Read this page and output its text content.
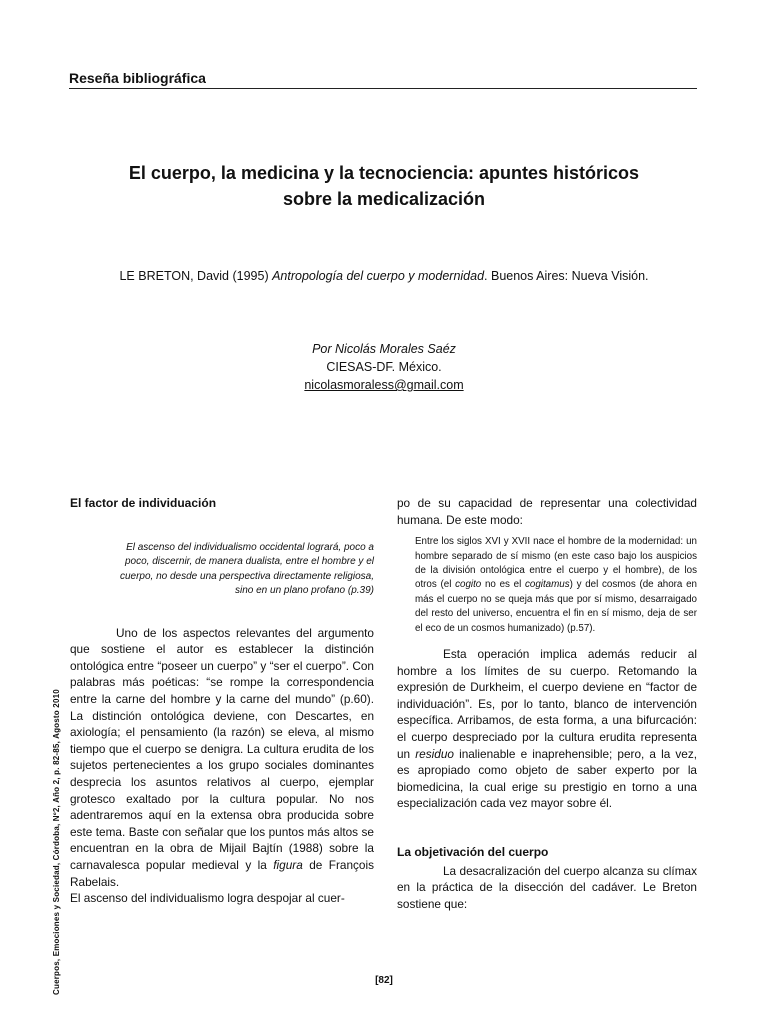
Reseña bibliográfica
El cuerpo, la medicina y la tecnociencia: apuntes históricos
sobre la medicalización
LE BRETON, David (1995) Antropología del cuerpo y modernidad. Buenos Aires: Nueva Visión.
Por Nicolás Morales Saéz
CIESAS-DF. México.
nicolasmoraless@gmail.com
Cuerpos, Emociones y Sociedad, Córdoba, Nº2, Año 2, p. 82-85, Agosto 2010

El factor de individuación

El ascenso del individualismo occidental logrará, poco a poco, discernir, de manera dualista, entre el hombre y el cuerpo, no desde una perspectiva directamente religiosa, sino en un plano profano (p.39)

Uno de los aspectos relevantes del argumento que sostiene el autor es establecer la distinción ontológica entre “poseer un cuerpo” y “ser el cuerpo”. Con palabras más poéticas: “se rompe la correspondencia entre la carne del hombre y la carne del mundo” (p.60). La distinción ontológica deviene, con Descartes, en axiología; el pensamiento (la razón) se eleva, al mismo tiempo que el cuerpo se denigra. La cultura erudita de los sujetos pertenecientes a los grupo sociales dominantes desprecia los asuntos relativos al cuerpo, ejemplar grotesco exaltado por la cultura popular. No nos adentraremos aquí en la extensa obra producida sobre este tema. Baste con señalar que los puntos más altos se encuentran en la obra de Mijail Bajtín (1988) sobre la carnavalesca popular medieval y la figura de François Rabelais.

El ascenso del individualismo logra despojar al cuer-

po de su capacidad de representar una colectividad humana. De este modo:

Entre los siglos XVI y XVII nace el hombre de la modernidad: un hombre separado de sí mismo (en este caso bajo los auspicios de la división ontológica entre el cuerpo y el hombre), de los otros (el cogito no es el cogitamus) y del cosmos (de ahora en más el cuerpo no se queja más que por sí mismo, desarraigado del resto del universo, encuentra el fin en sí mismo, deja de ser el eco de un cosmos humanizado) (p.57).

Esta operación implica además reducir al hombre a los límites de su cuerpo. Retomando la expresión de Durkheim, el cuerpo deviene en “factor de individuación”. Es, por lo tanto, blanco de intervención específica. Arribamos, de esta forma, a una bifurcación: el cuerpo despreciado por la cultura erudita representa un residuo inalienable e inaprehensible; pero, a la vez, es apropiado como objeto de saber experto por la biomedicina, la cual erige su prestigio en torno a una especialización cada vez mayor sobre él.

La objetivación del cuerpo

La desacralización del cuerpo alcanza su clímax en la práctica de la disección del cadáver. Le Breton sostiene que:

[82]
